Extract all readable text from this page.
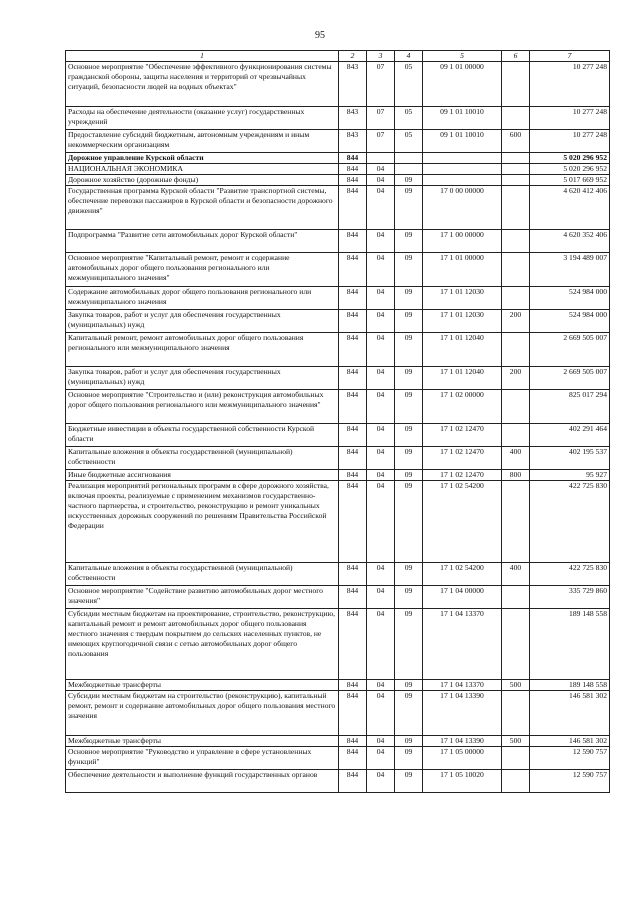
95
1	2	3	4	5	6	7
Основное мероприятие "Обеспечение эффективного функционирования системы гражданской обороны, защиты населения и территорий от чрезвычайных ситуаций, безопасности людей на водных объектах"	843	07	05	09 1 01 00000		10 277 248
Расходы на обеспечение деятельности (оказание услуг) государственных учреждений	843	07	05	09 1 01 10010		10 277 248
Предоставление субсидий бюджетным, автономным учреждениям и иным некоммерческим организациям	843	07	05	09 1 01 10010	600	10 277 248
Дорожное управление Курской области	844					5 020 296 952
НАЦИОНАЛЬНАЯ ЭКОНОМИКА	844	04				5 020 296 952
Дорожное хозяйство (дорожные фонды)	844	04	09			5 017 669 952
Государственная программа Курской области "Развитие транспортной системы, обеспечение перевозки пассажиров в Курской области и безопасности дорожного движения"	844	04	09	17 0 00 00000		4 620 412 406
Подпрограмма "Развитие сети автомобильных дорог Курской области"	844	04	09	17 1 00 00000		4 620 352 406
Основное мероприятие "Капитальный ремонт, ремонт и содержание автомобильных дорог общего пользования регионального или межмуниципального значения"	844	04	09	17 1 01 00000		3 194 489 007
Содержание автомобильных дорог общего пользования регионального или межмуниципального значения	844	04	09	17 1 01 12030		524 984 000
Закупка товаров, работ и услуг для обеспечения государственных (муниципальных) нужд	844	04	09	17 1 01 12030	200	524 984 000
Капитальный ремонт, ремонт автомобильных дорог общего пользования регионального или межмуниципального значения	844	04	09	17 1 01 12040		2 669 505 007
Закупка товаров, работ и услуг для обеспечения государственных (муниципальных) нужд	844	04	09	17 1 01 12040	200	2 669 505 007
Основное мероприятие "Строительство и (или) реконструкция автомобильных дорог общего пользования регионального или межмуниципального значения"	844	04	09	17 1 02 00000		825 017 294
Бюджетные инвестиции в объекты государственной собственности Курской области	844	04	09	17 1 02 12470		402 291 464
Капитальные вложения в объекты государственной (муниципальной) собственности	844	04	09	17 1 02 12470	400	402 195 537
Иные бюджетные ассигнования	844	04	09	17 1 02 12470	800	95 927
Реализация мероприятий региональных программ в сфере дорожного хозяйства, включая проекты, реализуемые с применением механизмов государственно-частного партнерства, и строительство, реконструкцию и ремонт уникальных искусственных дорожных сооружений по решениям Правительства Российской Федерации	844	04	09	17 1 02 54200		422 725 830
Капитальные вложения в объекты государственной (муниципальной) собственности	844	04	09	17 1 02 54200	400	422 725 830
Основное мероприятие "Содействие развитию автомобильных дорог местного значения"	844	04	09	17 1 04 00000		335 729 860
Субсидии местным бюджетам на проектирование, строительство, реконструкцию, капитальный ремонт и ремонт автомобильных дорог общего пользования местного значения с твердым покрытием до сельских населенных пунктов, не имеющих круглогодичной связи с сетью автомобильных дорог общего пользования	844	04	09	17 1 04 13370		189 148 558
Межбюджетные трансферты	844	04	09	17 1 04 13370	500	189 148 558
Субсидии местным бюджетам на строительство (реконструкцию), капитальный ремонт, ремонт и содержание автомобильных дорог общего пользования местного значения	844	04	09	17 1 04 13390		146 581 302
Межбюджетные трансферты	844	04	09	17 1 04 13390	500	146 581 302
Основное мероприятие "Руководство и управление в сфере установленных функций"	844	04	09	17 1 05 00000		12 590 757
Обеспечение деятельности и выполнение функций государственных органов	844	04	09	17 1 05 10020		12 590 757
